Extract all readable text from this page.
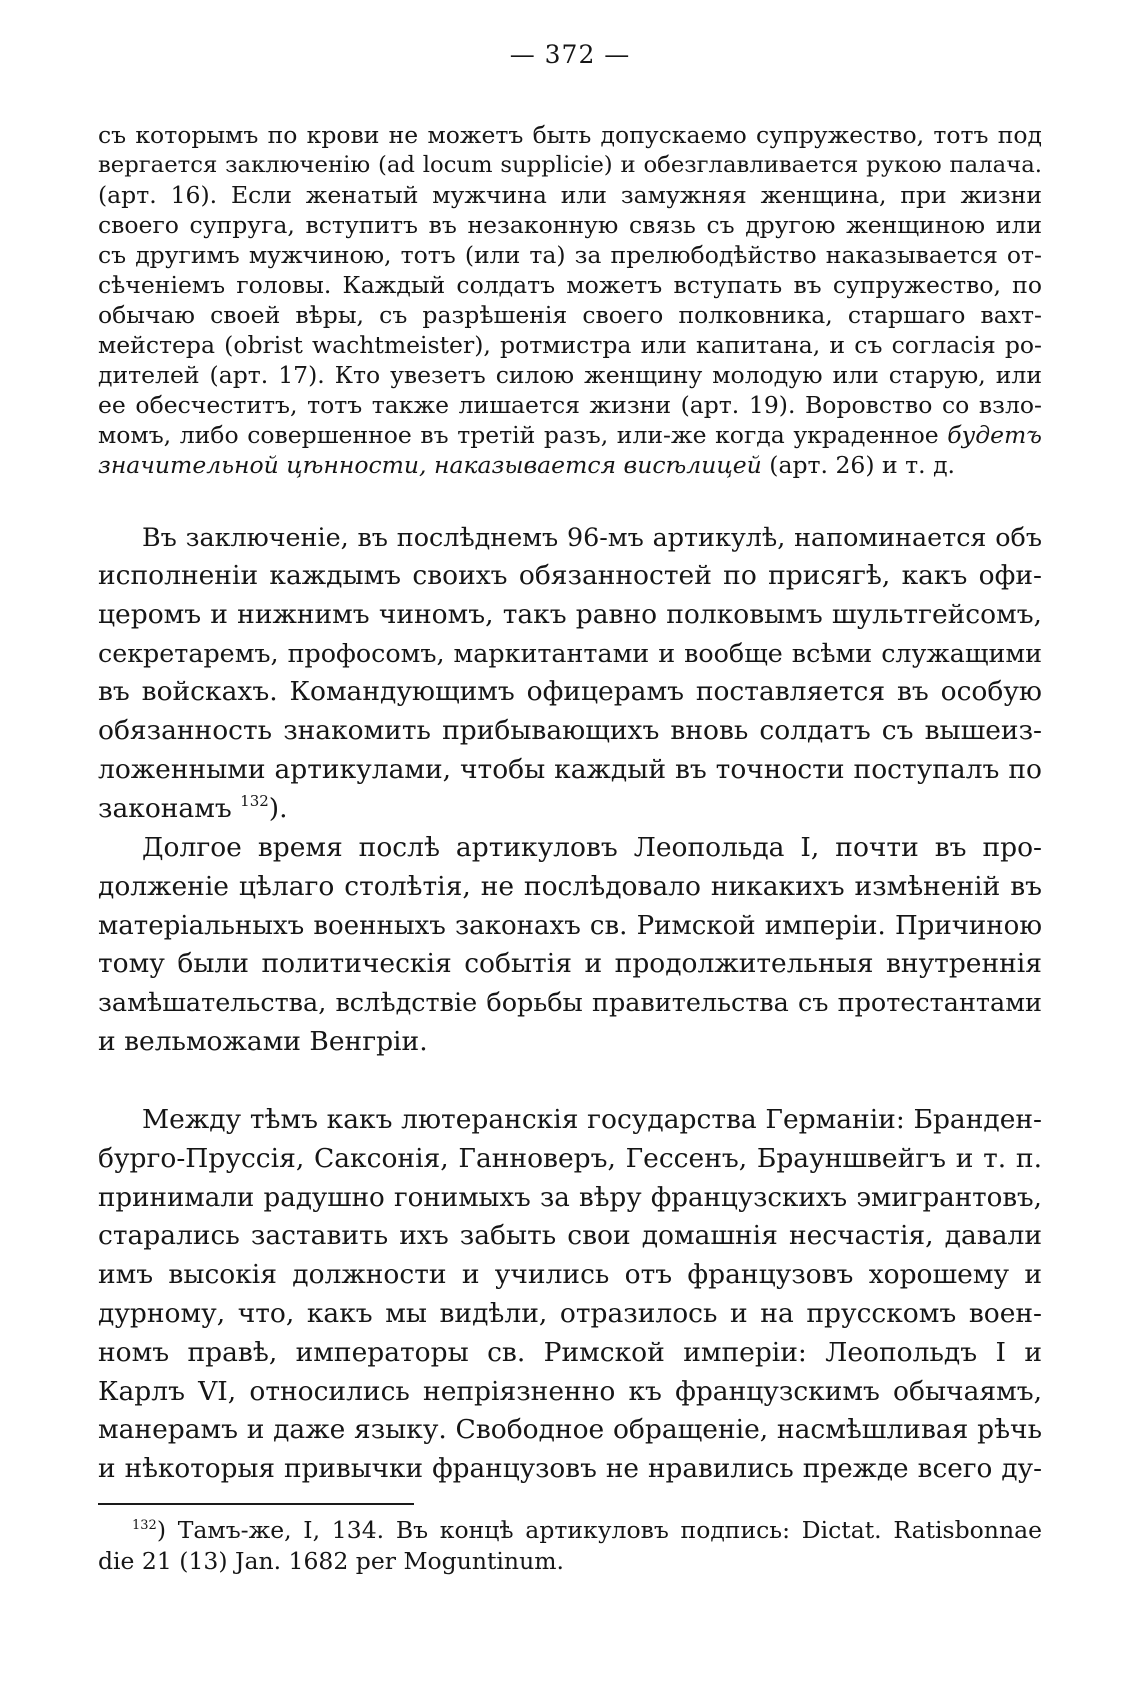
— 372 —
съ которымъ по крови не можетъ быть допускаемо супружество, тотъ под
вергается заключенію (ad locum supplicie) и обезглавливается рукою палача.
(арт. 16). Если женатый мужчина или замужняя женщина, при жизни
своего супруга, вступитъ въ незаконную связь съ другою женщиною или
съ другимъ мужчиною, тотъ (или та) за прелюбодѣйство наказывается от-
сѣченіемъ головы. Каждый солдатъ можетъ вступать въ супружество, по
обычаю своей вѣры, съ разрѣшенія своего полковника, старшаго вахт-
мейстера (obrist wachtmeister), ротмистра или капитана, и съ согласія ро-
дителей (арт. 17). Кто увезетъ силою женщину молодую или старую, или
ее обесчеститъ, тотъ также лишается жизни (арт. 19). Воровство со взло-
момъ, либо совершенное въ третій разъ, или-же когда украденное будетъ
значительной цѣнности, наказывается висѣлицей (арт. 26) и т. д.
Въ заключеніе, въ послѣднемъ 96-мъ артикулѣ, напоминается объ
исполненіи каждымъ своихъ обязанностей по присягѣ, какъ офи-
церомъ и нижнимъ чиномъ, такъ равно полковымъ шультгейсомъ,
секретаремъ, профосомъ, маркитантами и вообще всѣми служащими
въ войскахъ. Командующимъ офицерамъ поставляется въ особую
обязанность знакомить прибывающихъ вновь солдатъ съ вышеиз-
ложенными артикулами, чтобы каждый въ точности поступалъ по
законамъ $^{132}$).
Долгое время послѣ артикуловъ Леопольда I, почти въ про-
долженіе цѣлаго столѣтія, не послѣдовало никакихъ измѣненій въ
матеріальныхъ военныхъ законахъ св. Римской имперіи. Причиною
тому были политическія событія и продолжительныя внутреннія
замѣшательства, вслѣдствіе борьбы правительства съ протестантами
и вельможами Венгріи.
Между тѣмъ какъ лютеранскія государства Германіи: Бранден-
бурго-Пруссія, Саксонія, Ганноверъ, Гессенъ, Брауншвейгъ и т. п.
принимали радушно гонимыхъ за вѣру французскихъ эмигрантовъ,
старались заставить ихъ забыть свои домашнія несчастія, давали
имъ высокія должности и учились отъ французовъ хорошему и
дурному, что, какъ мы видѣли, отразилось и на прусскомъ воен-
номъ правѣ, императоры св. Римской имперіи: Леопольдъ I и
Карлъ VI, относились непріязненно къ французскимъ обычаямъ,
манерамъ и даже языку. Свободное обращеніе, насмѣшливая рѣчь
и нѣкоторыя привычки французовъ не нравились прежде всего ду-
$^{132}$) Тамъ-же, I, 134. Въ концѣ артикуловъ подпись: Dictat. Ratisbonnae
die 21 (13) Jan. 1682 per Moguntinum.
